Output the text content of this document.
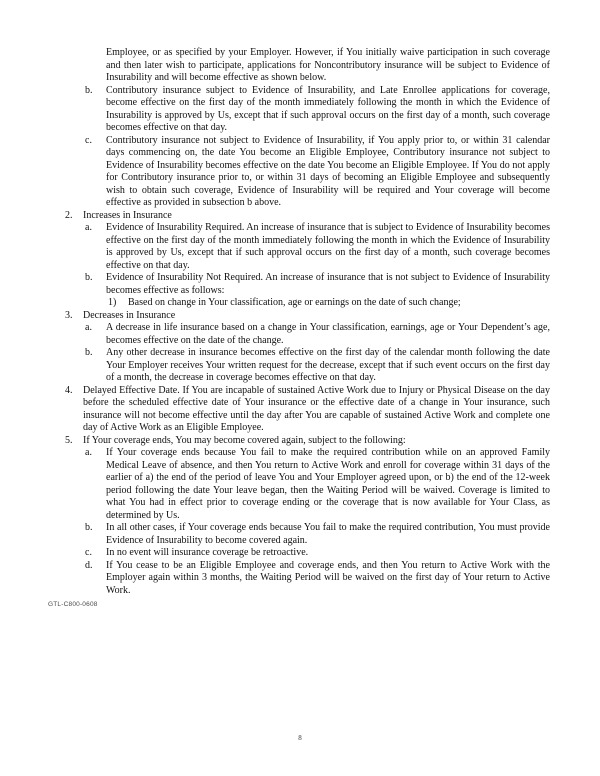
Employee, or as specified by your Employer. However, if You initially waive participation in such coverage and then later wish to participate, applications for Noncontributory insurance will be subject to Evidence of Insurability and will become effective as shown below.
b.	Contributory insurance subject to Evidence of Insurability, and Late Enrollee applications for coverage, become effective on the first day of the month immediately following the month in which the Evidence of Insurability is approved by Us, except that if such approval occurs on the first day of a month, such coverage becomes effective on that day.
c.	Contributory insurance not subject to Evidence of Insurability, if You apply prior to, or within 31 calendar days commencing on, the date You become an Eligible Employee, Contributory insurance not subject to Evidence of Insurability becomes effective on the date You become an Eligible Employee. If You do not apply for Contributory insurance prior to, or within 31 days of becoming an Eligible Employee and subsequently wish to obtain such coverage, Evidence of Insurability will be required and Your coverage will become effective as provided in subsection b above.
2.	Increases in Insurance
a.	Evidence of Insurability Required. An increase of insurance that is subject to Evidence of Insurability becomes effective on the first day of the month immediately following the month in which the Evidence of Insurability is approved by Us, except that if such approval occurs on the first day of a month, such coverage becomes effective on that day.
b.	Evidence of Insurability Not Required. An increase of insurance that is not subject to Evidence of Insurability becomes effective as follows:
1)	Based on change in Your classification, age or earnings on the date of such change;
3.	Decreases in Insurance
a.	A decrease in life insurance based on a change in Your classification, earnings, age or Your Dependent’s age, becomes effective on the date of the change.
b.	Any other decrease in insurance becomes effective on the first day of the calendar month following the date Your Employer receives Your written request for the decrease, except that if such event occurs on the first day of a month, the decrease in coverage becomes effective on that day.
4.	Delayed Effective Date. If You are incapable of sustained Active Work due to Injury or Physical Disease on the day before the scheduled effective date of Your insurance or the effective date of a change in Your insurance, such insurance will not become effective until the day after You are capable of sustained Active Work and complete one day of Active Work as an Eligible Employee.
5.	If Your coverage ends, You may become covered again, subject to the following:
a.	If Your coverage ends because You fail to make the required contribution while on an approved Family Medical Leave of absence, and then You return to Active Work and enroll for coverage within 31 days of the earlier of a) the end of the period of leave You and Your Employer agreed upon, or b) the end of the 12-week period following the date Your leave began, then the Waiting Period will be waived. Coverage is limited to what You had in effect prior to coverage ending or the coverage that is now available for Your Class, as determined by Us.
b.	In all other cases, if Your coverage ends because You fail to make the required contribution, You must provide Evidence of Insurability to become covered again.
c.	In no event will insurance coverage be retroactive.
d.	If You cease to be an Eligible Employee and coverage ends, and then You return to Active Work with the Employer again within 3 months, the Waiting Period will be waived on the first day of Your return to Active Work.
GTL-C800-0608
8
